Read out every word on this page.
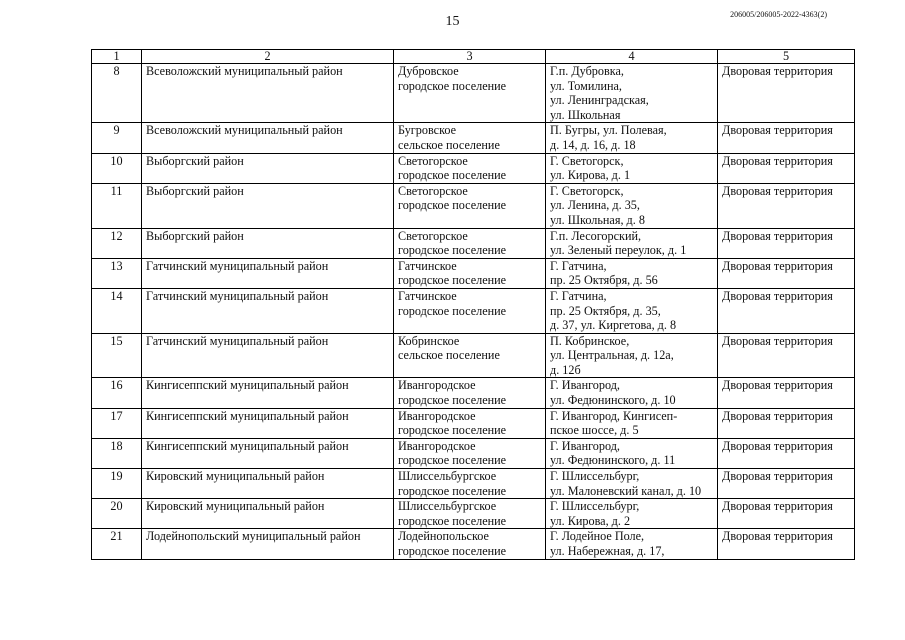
15	206005/206005-2022-4363(2)
1	2	3	4	5
8	Всеволожский муниципальный район	Дубровское
городское поселение	Г.п. Дубровка,
ул. Томилина,
ул. Ленинградская,
ул. Школьная	Дворовая территория
9	Всеволожский муниципальный район	Бугровское
сельское поселение	П. Бугры, ул. Полевая,
д. 14, д. 16, д. 18	Дворовая территория
10	Выборгский район	Светогорское
городское поселение	Г. Светогорск,
ул. Кирова, д. 1	Дворовая территория
11	Выборгский район	Светогорское
городское поселение	Г. Светогорск,
ул. Ленина, д. 35,
ул. Школьная, д. 8	Дворовая территория
12	Выборгский район	Светогорское
городское поселение	Г.п. Лесогорский,
ул. Зеленый переулок, д. 1	Дворовая территория
13	Гатчинский муниципальный район	Гатчинское
городское поселение	Г. Гатчина,
пр. 25 Октября, д. 56	Дворовая территория
14	Гатчинский муниципальный район	Гатчинское
городское поселение	Г. Гатчина,
пр. 25 Октября, д. 35,
д. 37, ул. Киргетова, д. 8	Дворовая территория
15	Гатчинский муниципальный район	Кобринское
сельское поселение	П. Кобринское,
ул. Центральная, д. 12а,
д. 12б	Дворовая территория
16	Кингисеппский муниципальный район	Ивангородское
городское поселение	Г. Ивангород,
ул. Федюнинского, д. 10	Дворовая территория
17	Кингисеппский муниципальный район	Ивангородское
городское поселение	Г. Ивангород, Кингисеп-
пское шоссе, д. 5	Дворовая территория
18	Кингисеппский муниципальный район	Ивангородское
городское поселение	Г. Ивангород,
ул. Федюнинского, д. 11	Дворовая территория
19	Кировский муниципальный район	Шлиссельбургское
городское поселение	Г. Шлиссельбург,
ул. Малоневский канал, д. 10	Дворовая территория
20	Кировский муниципальный район	Шлиссельбургское
городское поселение	Г. Шлиссельбург,
ул. Кирова, д. 2	Дворовая территория
21	Лодейнопольский муниципальный район	Лодейнопольское
городское поселение	Г. Лодейное Поле,
ул. Набережная, д. 17,	Дворовая территория
